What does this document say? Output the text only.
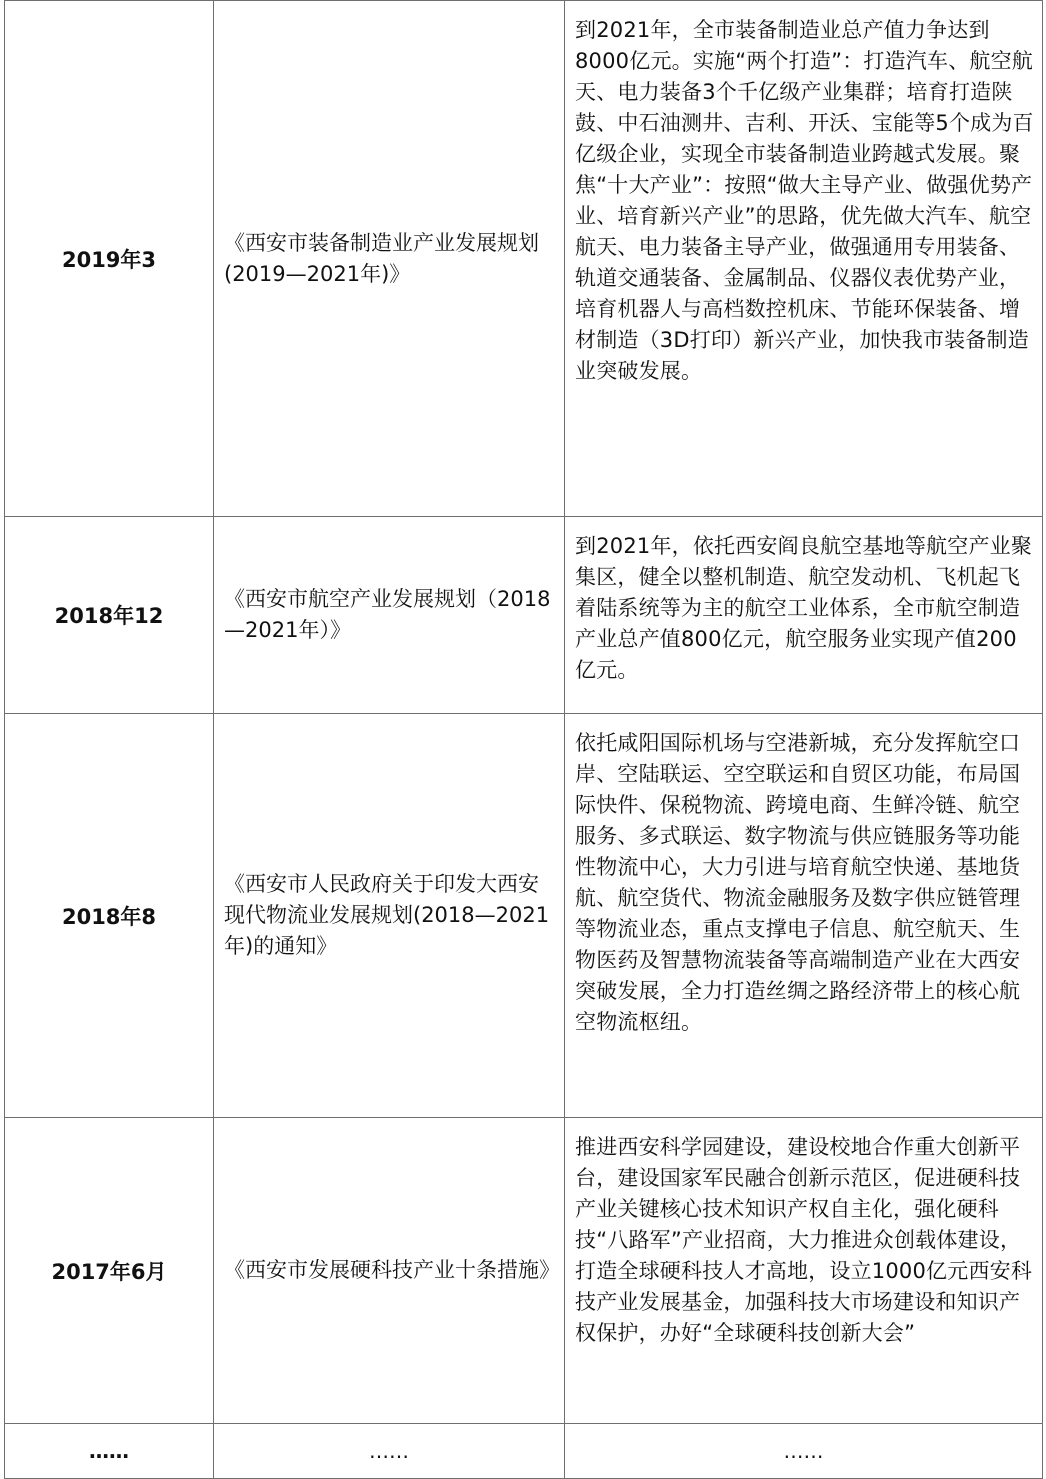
2019年3	《西安市装备制造业产业发展规划(2019—2021年)》	到2021年，全市装备制造业总产值力争达到8000亿元。实施“两个打造”：打造汽车、航空航天、电力装备3个千亿级产业集群；培育打造陕鼓、中石油测井、吉利、开沃、宝能等5个成为百亿级企业，实现全市装备制造业跨越式发展。聚焦“十大产业”：按照“做大主导产业、做强优势产业、培育新兴产业”的思路，优先做大汽车、航空航天、电力装备主导产业，做强通用专用装备、轨道交通装备、金属制品、仪器仪表优势产业，培育机器人与高档数控机床、节能环保装备、增材制造（3D打印）新兴产业，加快我市装备制造业突破发展。
2018年12	《西安市航空产业发展规划（2018—2021年）》	到2021年，依托西安阎良航空基地等航空产业聚集区，健全以整机制造、航空发动机、飞机起飞着陆系统等为主的航空工业体系，全市航空制造产业总产值800亿元，航空服务业实现产值200亿元。
2018年8	《西安市人民政府关于印发大西安现代物流业发展规划(2018—2021年)的通知》	依托咸阳国际机场与空港新城，充分发挥航空口岸、空陆联运、空空联运和自贸区功能，布局国际快件、保税物流、跨境电商、生鲜冷链、航空服务、多式联运、数字物流与供应链服务等功能性物流中心，大力引进与培育航空快递、基地货航、航空货代、物流金融服务及数字供应链管理等物流业态，重点支撑电子信息、航空航天、生物医药及智慧物流装备等高端制造产业在大西安突破发展，全力打造丝绸之路经济带上的核心航空物流枢纽。
2017年6月	《西安市发展硬科技产业十条措施》	推进西安科学园建设，建设校地合作重大创新平台，建设国家军民融合创新示范区，促进硬科技产业关键核心技术知识产权自主化，强化硬科技“八路军”产业招商，大力推进众创载体建设，打造全球硬科技人才高地，设立1000亿元西安科技产业发展基金，加强科技大市场建设和知识产权保护，办好“全球硬科技创新大会”
……	……	……
